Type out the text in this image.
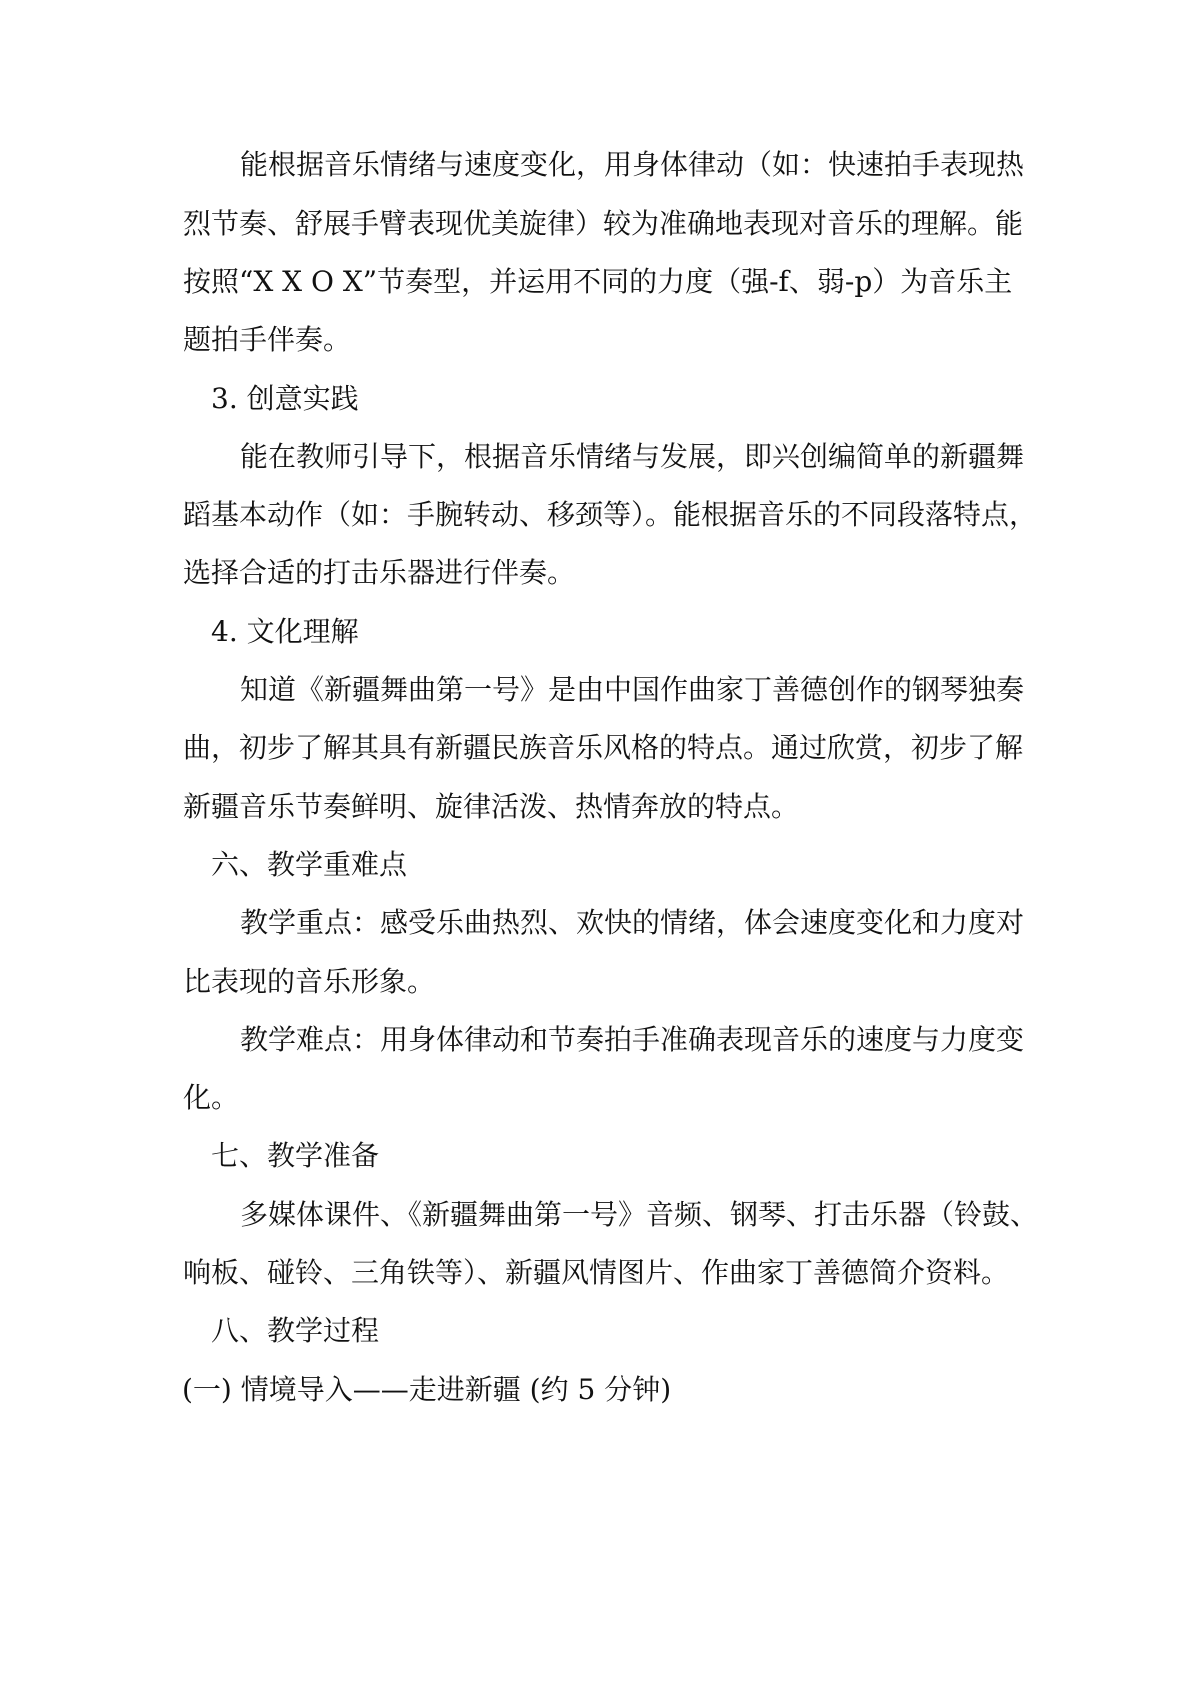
能根据音乐情绪与速度变化，用身体律动（如：快速拍手表现热
烈节奏、舒展手臂表现优美旋律）较为准确地表现对音乐的理解。能
按照“X X O X”节奏型，并运用不同的力度（强-f、弱-p）为音乐主
题拍手伴奏。
3. 创意实践
能在教师引导下，根据音乐情绪与发展，即兴创编简单的新疆舞
蹈基本动作（如：手腕转动、移颈等）。能根据音乐的不同段落特点，
选择合适的打击乐器进行伴奏。
4. 文化理解
知道《新疆舞曲第一号》是由中国作曲家丁善德创作的钢琴独奏
曲，初步了解其具有新疆民族音乐风格的特点。通过欣赏，初步了解
新疆音乐节奏鲜明、旋律活泼、热情奔放的特点。
六、教学重难点
教学重点：感受乐曲热烈、欢快的情绪，体会速度变化和力度对
比表现的音乐形象。
教学难点：用身体律动和节奏拍手准确表现音乐的速度与力度变
化。
七、教学准备
多媒体课件、《新疆舞曲第一号》音频、钢琴、打击乐器（铃鼓、
响板、碰铃、三角铁等）、新疆风情图片、作曲家丁善德简介资料。
八、教学过程
(一) 情境导入——走进新疆 (约 5 分钟)
